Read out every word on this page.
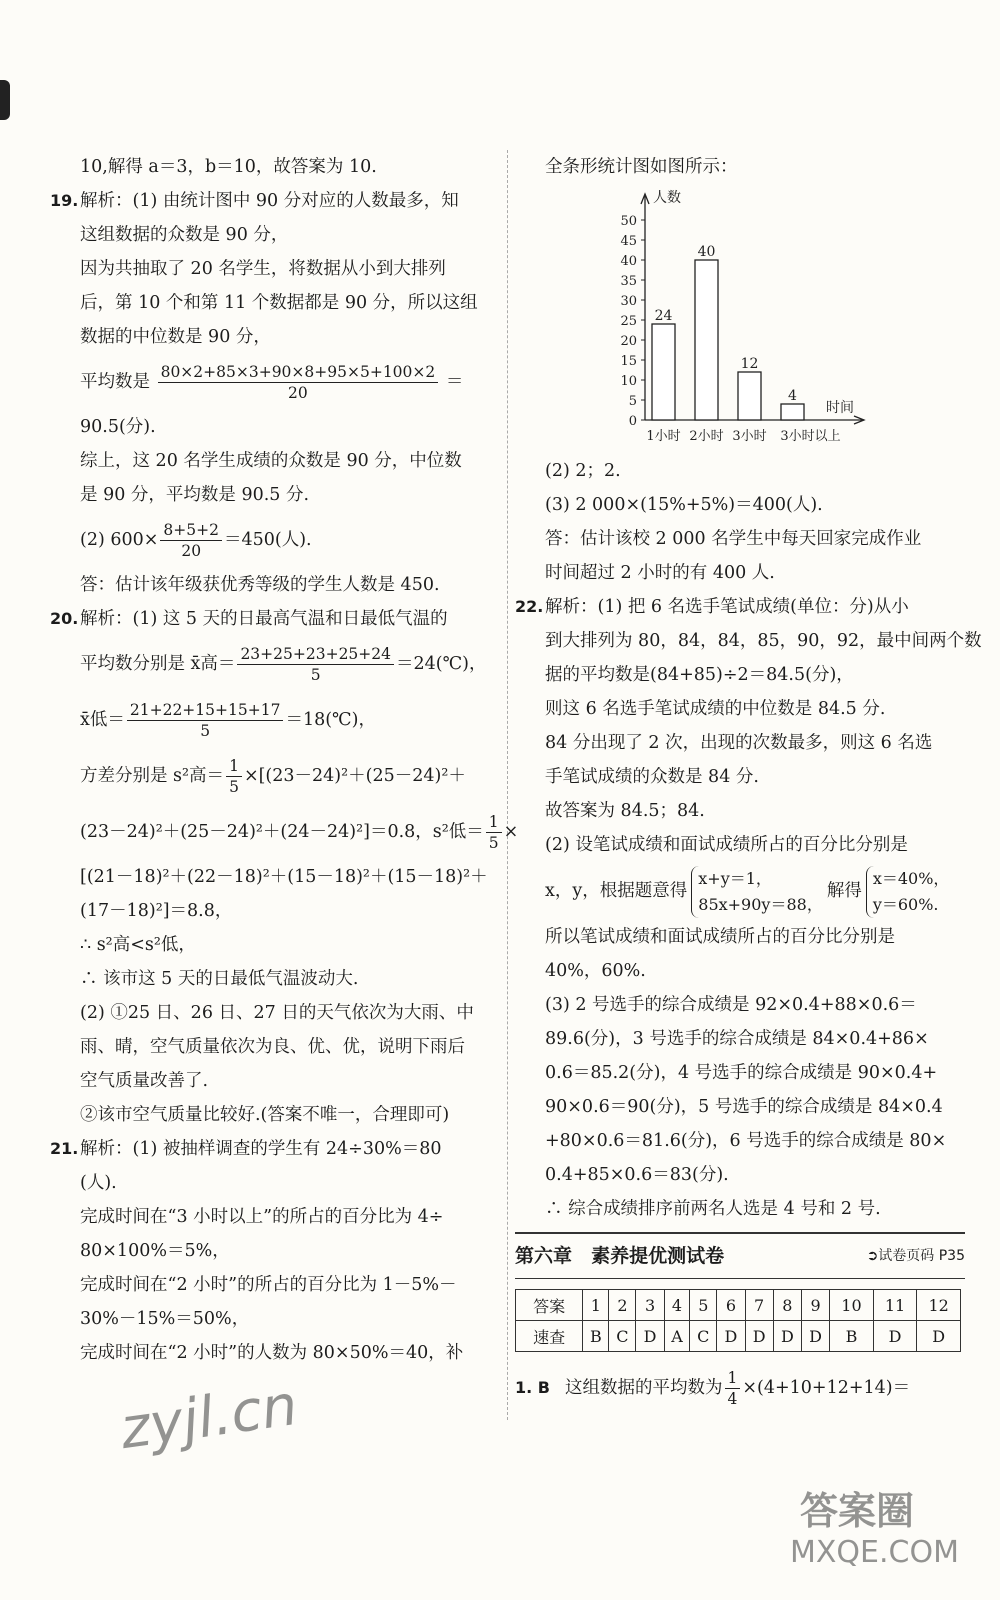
10,解得 a＝3，b＝10，故答案为 10.
19.解析：(1) 由统计图中 90 分对应的人数最多，知
这组数据的众数是 90 分，
因为共抽取了 20 名学生，将数据从小到大排列
后，第 10 个和第 11 个数据都是 90 分，所以这组
数据的中位数是 90 分，
平均数是 $\frac{80\times 2+85\times 3+90\times 8+95\times 5+100\times 2}{20}$ ＝
90.5(分).
综上，这 20 名学生成绩的众数是 90 分，中位数
是 90 分，平均数是 90.5 分.
(2) $600\times \frac{8+5+2}{20} =450$(人).
答：估计该年级获优秀等级的学生人数是 450.
20.解析：(1) 这 5 天的日最高气温和日最低气温的
平均数分别是 x̄高＝ $\frac{23+25+23+25+24}{5}$ ＝24(℃)，
x̄低＝ $\frac{21+22+15+15+17}{5}$ ＝18(℃)，
方差分别是 s²高＝ $\frac{1}{5} \times[(23-24)^2+(25-24)^2+$
(23－24)²＋(25－24)²＋(24－24)²]＝0.8，s²低＝ $\frac{1}{5}$ ×
[(21－18)²＋(22－18)²＋(15－18)²＋(15－18)²＋
(17－18)²]＝8.8，
∴ s²高<s²低，
∴ 该市这 5 天的日最低气温波动大.
(2) ①25 日、26 日、27 日的天气依次为大雨、中
雨、晴，空气质量依次为良、优、优，说明下雨后
空气质量改善了.
②该市空气质量比较好.(答案不唯一，合理即可)
21.解析：(1) 被抽样调查的学生有 24÷30%＝80
(人).
完成时间在“3 小时以上”的所占的百分比为 4÷
80×100%＝5%，
完成时间在“2 小时”的所占的百分比为 1－5%－
30%－15%＝50%，
完成时间在“2 小时”的人数为 80×50%＝40，补
全条形统计图如图所示：
人数
时间
0
5
10
15
20
25
30
35
40
45
50
24
1小时
40
2小时
12
3小时
4
3小时以上
(2) 2；2.
(3) 2 000×(15%+5%)＝400(人).
答：估计该校 2 000 名学生中每天回家完成作业
时间超过 2 小时的有 400 人.
22.解析：(1) 把 6 名选手笔试成绩(单位：分)从小
到大排列为 80，84，84，85，90，92，最中间两个数
据的平均数是(84+85)÷2＝84.5(分)，
则这 6 名选手笔试成绩的中位数是 84.5 分.
84 分出现了 2 次，出现的次数最多，则这 6 名选
手笔试成绩的众数是 84 分.
故答案为 84.5；84.
(2) 设笔试成绩和面试成绩所占的百分比分别是
x，y，根据题意得
x+y＝1，
85x+90y＝88，
解得
x＝40%，
y＝60%.
所以笔试成绩和面试成绩所占的百分比分别是
40%，60%.
(3) 2 号选手的综合成绩是 92×0.4+88×0.6＝
89.6(分)，3 号选手的综合成绩是 84×0.4+86×
0.6＝85.2(分)，4 号选手的综合成绩是 90×0.4+
90×0.6＝90(分)，5 号选手的综合成绩是 84×0.4
+80×0.6＝81.6(分)，6 号选手的综合成绩是 80×
0.4+85×0.6＝83(分).
∴ 综合成绩排序前两名人选是 4 号和 2 号.
第六章 素养提优测试卷	➲试卷页码 P35
答案	1	2	3	4	5	6	7	8	9	10	11	12
速查	B	C	D	A	C	D	D	D	D	B	D	D
1. B 这组数据的平均数为 $\frac{1}{4} \times(4+10+12+14)=$
zyjl.cn
答案圈
MXQE.COM
